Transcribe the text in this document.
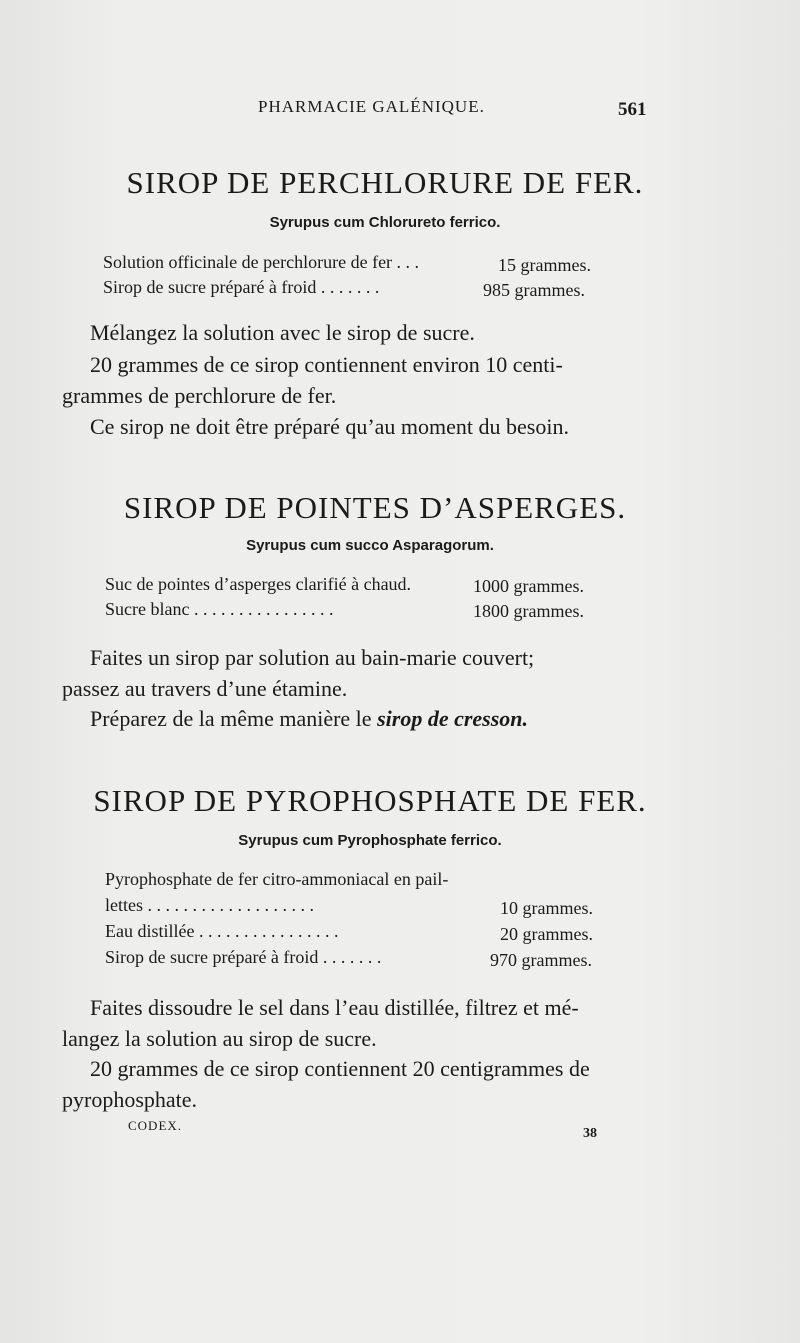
PHARMACIE GALÉNIQUE.	561
SIROP DE PERCHLORURE DE FER.
Syrupus cum Chlorureto ferrico.
Solution officinale de perchlorure de fer . . .	15 grammes.
Sirop de sucre préparé à froid . . . . . . .	985 grammes.
Mélangez la solution avec le sirop de sucre.
20 grammes de ce sirop contiennent environ 10 centi-
grammes de perchlorure de fer.
Ce sirop ne doit être préparé qu’au moment du besoin.
SIROP DE POINTES D’ASPERGES.
Syrupus cum succo Asparagorum.
Suc de pointes d’asperges clarifié à chaud.	1000 grammes.
Sucre blanc . . . . . . . . . . . . . . . .	1800 grammes.
Faites un sirop par solution au bain-marie couvert;
passez au travers d’une étamine.
Préparez de la même manière le sirop de cresson.
SIROP DE PYROPHOSPHATE DE FER.
Syrupus cum Pyrophosphate ferrico.
Pyrophosphate de fer citro-ammoniacal en pail-
lettes . . . . . . . . . . . . . . . . . . .	10 grammes.
Eau distillée . . . . . . . . . . . . . . . .	20 grammes.
Sirop de sucre préparé à froid . . . . . . .	970 grammes.
Faites dissoudre le sel dans l’eau distillée, filtrez et mé-
langez la solution au sirop de sucre.
20 grammes de ce sirop contiennent 20 centigrammes de
pyrophosphate.
CODEX.
38
